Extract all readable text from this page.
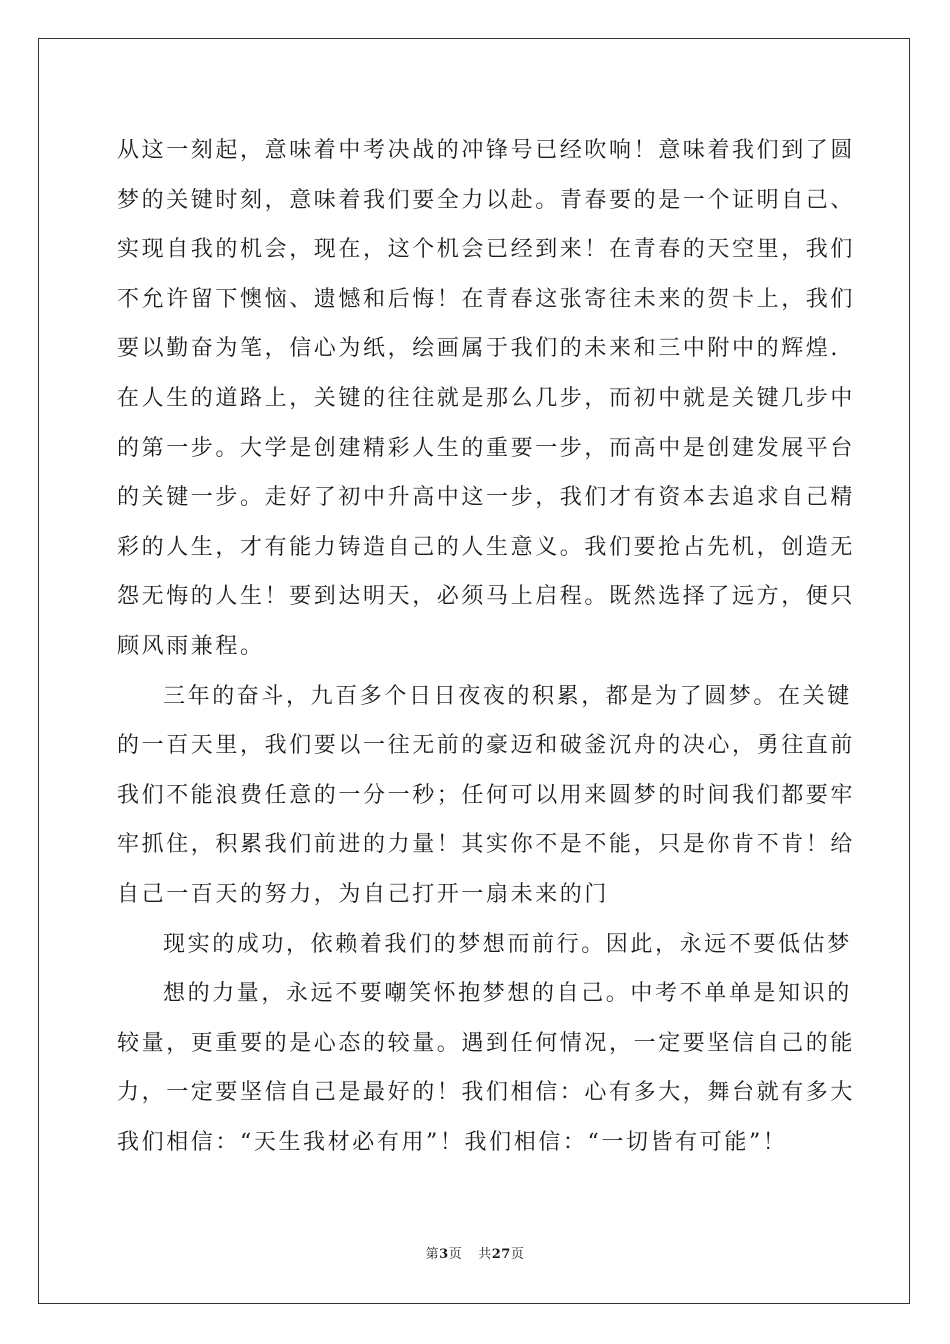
从这一刻起，意味着中考决战的冲锋号已经吹响！意味着我们到了圆
梦的关键时刻，意味着我们要全力以赴。青春要的是一个证明自己、
实现自我的机会，现在，这个机会已经到来！在青春的天空里，我们
不允许留下懊恼、遗憾和后悔！在青春这张寄往未来的贺卡上，我们
要以勤奋为笔，信心为纸，绘画属于我们的未来和三中附中的辉煌.
在人生的道路上，关键的往往就是那么几步，而初中就是关键几步中
的第一步。大学是创建精彩人生的重要一步，而高中是创建发展平台
的关键一步。走好了初中升高中这一步，我们才有资本去追求自己精
彩的人生，才有能力铸造自己的人生意义。我们要抢占先机，创造无
怨无悔的人生！要到达明天，必须马上启程。既然选择了远方，便只
顾风雨兼程。
三年的奋斗，九百多个日日夜夜的积累，都是为了圆梦。在关键
的一百天里，我们要以一往无前的豪迈和破釜沉舟的决心，勇往直前
我们不能浪费任意的一分一秒；任何可以用来圆梦的时间我们都要牢
牢抓住，积累我们前进的力量！其实你不是不能，只是你肯不肯！给
自己一百天的努力，为自己打开一扇未来的门
现实的成功，依赖着我们的梦想而前行。因此，永远不要低估梦
想的力量，永远不要嘲笑怀抱梦想的自己。中考不单单是知识的
较量，更重要的是心态的较量。遇到任何情况，一定要坚信自己的能
力，一定要坚信自己是最好的！我们相信：心有多大，舞台就有多大
我们相信：“天生我材必有用”！我们相信：“一切皆有可能”！
第3页 共27页
